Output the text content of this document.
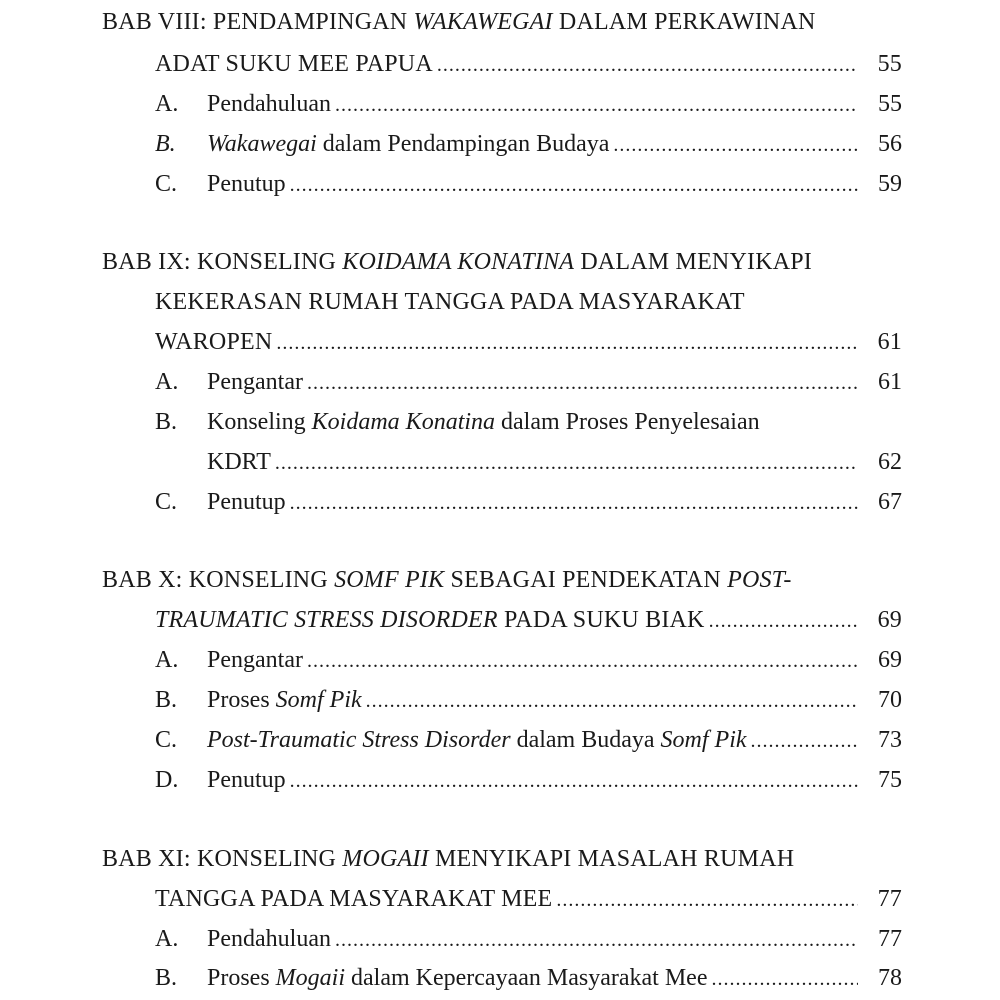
BAB VIII: PENDAMPINGAN WAKAWEGAI DALAM PERKAWINAN
ADAT SUKU MEE PAPUA .....	55
A.	Pendahuluan .....	55
B.	Wakawegai dalam Pendampingan Budaya .....	56
C.	Penutup .....	59
BAB IX: KONSELING KOIDAMA KONATINA DALAM MENYIKAPI
KEKERASAN RUMAH TANGGA PADA MASYARAKAT
WAROPEN .....	61
A.	Pengantar .....	61
B.	Konseling Koidama Konatina dalam Proses Penyelesaian
KDRT .....	62
C.	Penutup .....	67
BAB X: KONSELING SOMF PIK SEBAGAI PENDEKATAN POST-
TRAUMATIC STRESS DISORDER PADA SUKU BIAK .....	69
A.	Pengantar .....	69
B.	Proses Somf Pik .....	70
C.	Post-Traumatic Stress Disorder dalam Budaya Somf Pik .....	73
D.	Penutup .....	75
BAB XI: KONSELING MOGAII MENYIKAPI MASALAH RUMAH
TANGGA PADA MASYARAKAT MEE .....	77
A.	Pendahuluan .....	77
B.	Proses Mogaii dalam Kepercayaan Masyarakat Mee .....	78
